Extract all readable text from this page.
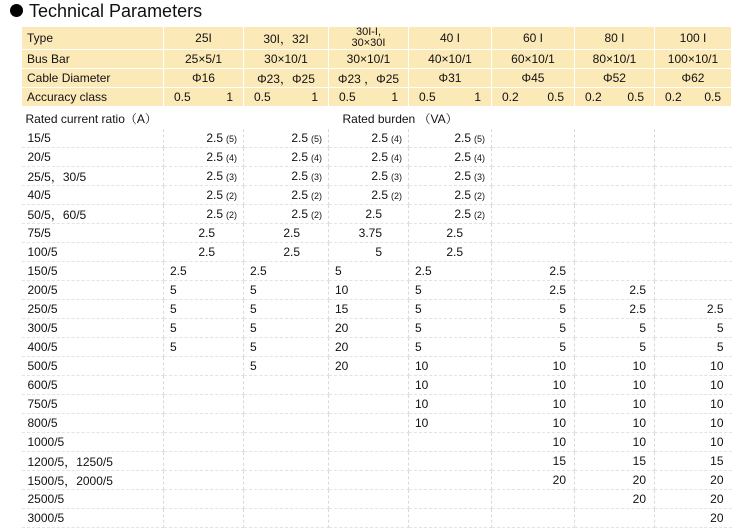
Technical Parameters
Type	25I	30I，32I	30I-I,
30×30I	40 I	60 I	80 I	100 I
Bus Bar	25×5/1	30×10/1	30×10/1	40×10/1	60×10/1	80×10/1	100×10/1
Cable Diameter	Φ16	Φ23，Φ25	Φ23 ，Φ25	Φ31	Φ45	Φ52	Φ62
Accuracy class	0.5 1	0.5 1	0.5 1	0.5 1	0.2 0.5	0.2 0.5	0.2 0.5

Rated current ratio（A）			Rated burden （VA）				
15/5	2.5 (5)	2.5 (5)	2.5 (4)	2.5 (5)			
20/5	2.5 (4)	2.5 (4)	2.5 (4)	2.5 (4)			
25/5，30/5	2.5 (3)	2.5 (3)	2.5 (3)	2.5 (3)			
40/5	2.5 (2)	2.5 (2)	2.5 (2)	2.5 (2)			
50/5，60/5	2.5 (2)	2.5 (2)	2.5	2.5 (2)			
75/5	2.5	2.5	3.75	2.5			
100/5	2.5	2.5	5	2.5			
150/5	2.5	2.5	5	2.5	2.5		
200/5	5	5	10	5	2.5	2.5	
250/5	5	5	15	5	5	2.5	2.5
300/5	5	5	20	5	5	5	5
400/5	5	5	20	5	5	5	5
500/5		5	20	10	10	10	10
600/5				10	10	10	10
750/5				10	10	10	10
800/5				10	10	10	10
1000/5					10	10	10
1200/5，1250/5					15	15	15
1500/5，2000/5					20	20	20
2500/5						20	20
3000/5							20
